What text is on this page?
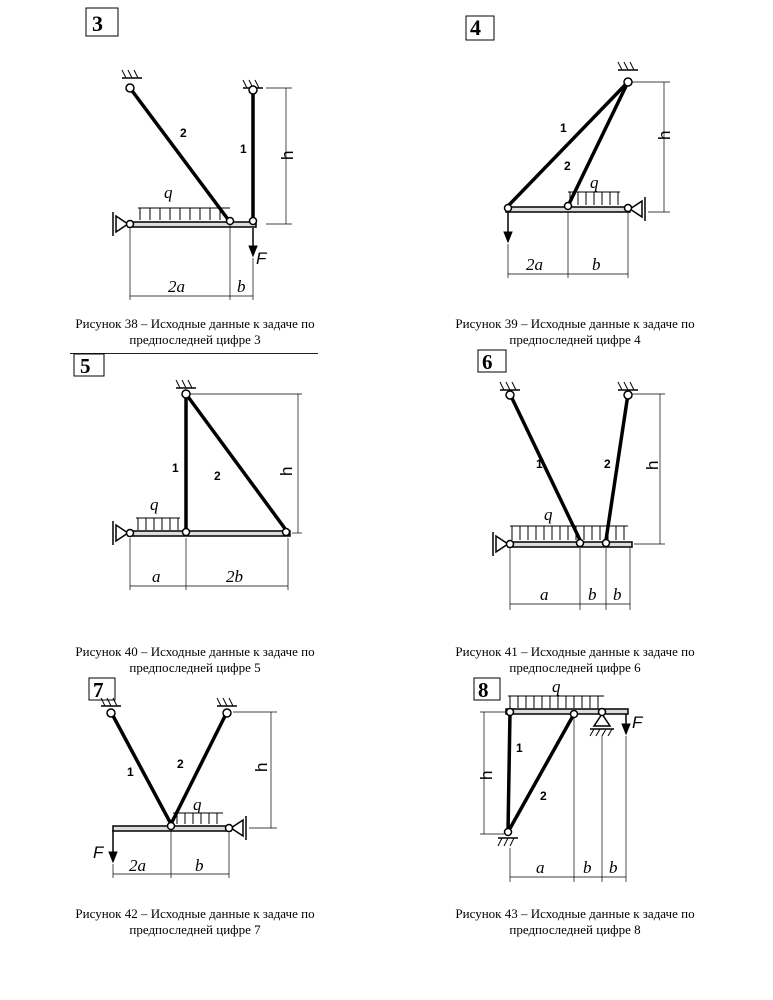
3
2
1
q
F
h
2a	b
Рисунок 38 – Исходные данные к задаче по
предпоследней цифре 3
4
1
2
q
h
2a	b
Рисунок 39 – Исходные данные к задаче по
предпоследней цифре 4
5
1
2
q
h
a	2b
Рисунок 40 – Исходные данные к задаче по
предпоследней цифре 5
6
1	2
q
h
a b b
Рисунок 41 – Исходные данные к задаче по
предпоследней цифре 6
7
1
2
q
F
h
2a	b
Рисунок 42 – Исходные данные к задаче по
предпоследней цифре 7
8	q
F
1
2
h
a b b
Рисунок 43 – Исходные данные к задаче по
предпоследней цифре 8
